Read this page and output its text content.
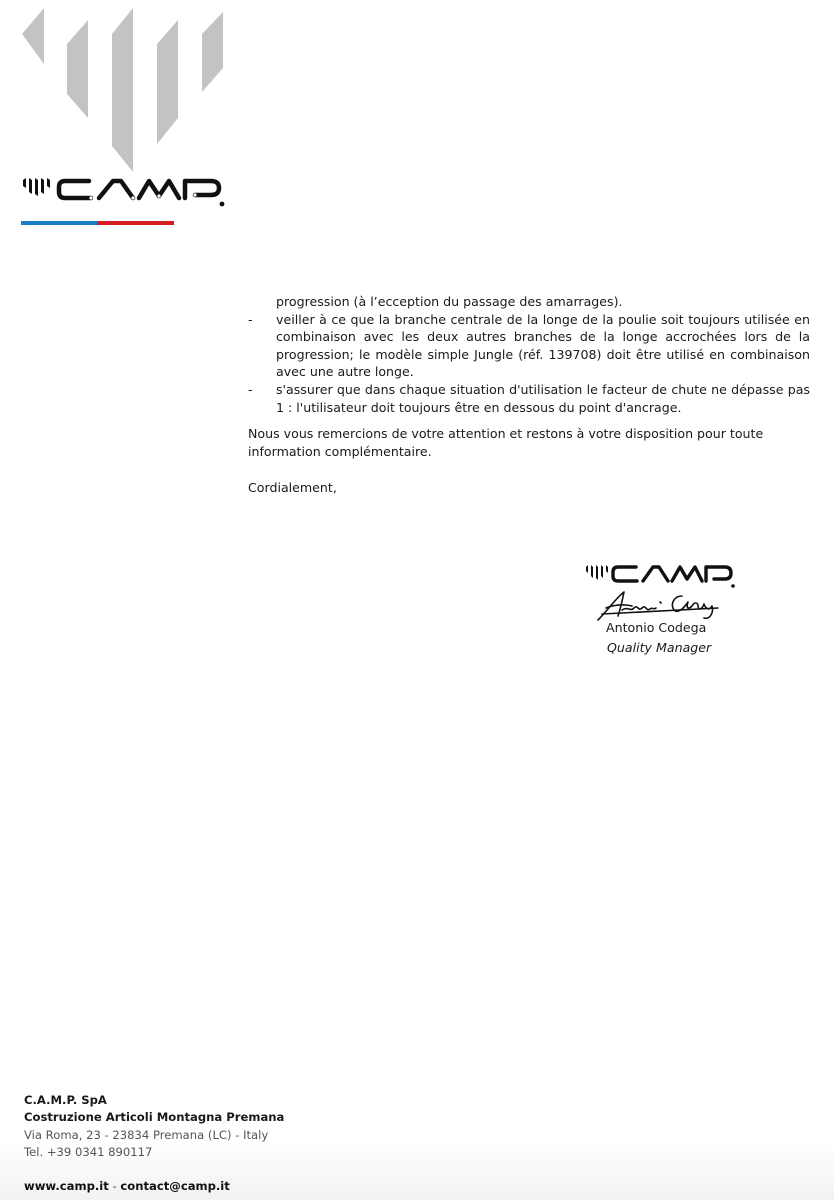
progression (à l’ecception du passage des amarrages).
-	veiller à ce que la branche centrale de la longe de la poulie soit toujours utilisée en combinaison avec les deux autres branches de la longe accrochées lors de la progression; le modèle simple Jungle (réf. 139708) doit être utilisé en combinaison avec une autre longe.
-	s'assurer que dans chaque situation d'utilisation le facteur de chute ne dépasse pas 1 : l'utilisateur doit toujours être en dessous du point d'ancrage.
Nous vous remercions de votre attention et restons à votre disposition pour toute information complémentaire.
Cordialement,
Antonio Codega
Quality Manager
C.A.M.P. SpA
Costruzione Articoli Montagna Premana
Via Roma, 23 - 23834 Premana (LC) - Italy
Tel. +39 0341 890117
www.camp.it - contact@camp.it
